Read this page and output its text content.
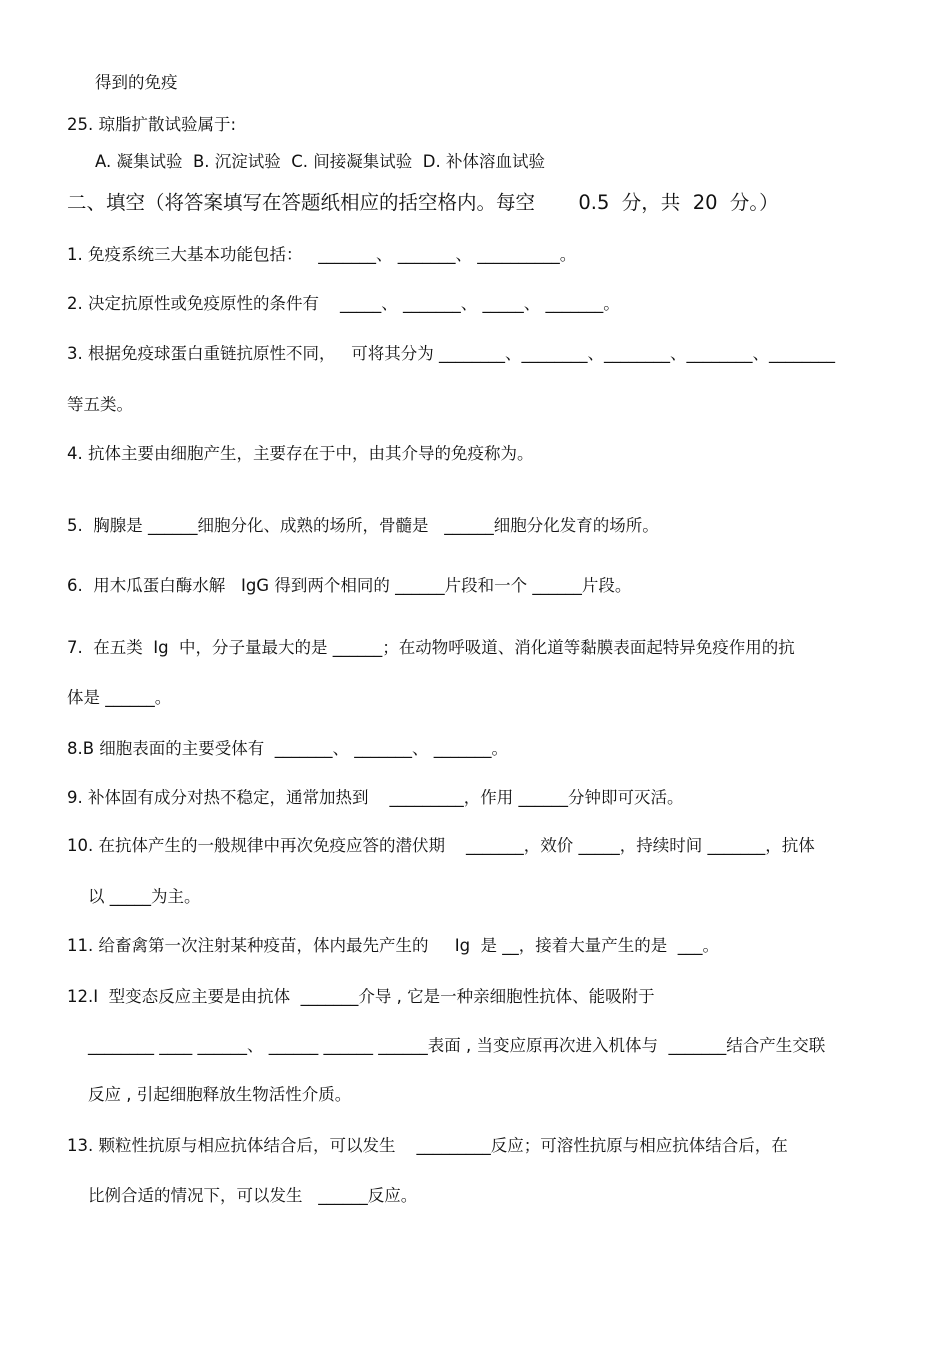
得到的免疫
25. 琼脂扩散试验属于:
A. 凝集试验  B. 沉淀试验  C. 间接凝集试验  D. 补体溶血试验
二、填空（将答案填写在答题纸相应的括空格内。每空       0.5  分，共  20  分。）
1. 免疫系统三大基本功能包括：   _______、 _______、 __________。
2. 决定抗原性或免疫原性的条件有    _____、 _______、 _____、 _______。
3. 根据免疫球蛋白重链抗原性不同，   可将其分为 ________、________、________、________、________
等五类。
4. 抗体主要由细胞产生，主要存在于中，由其介导的免疫称为。
5.  胸腺是 ______细胞分化、成熟的场所，骨髓是   ______细胞分化发育的场所。
6.  用木瓜蛋白酶水解   IgG 得到两个相同的 ______片段和一个 ______片段。
7.  在五类  Ig  中，分子量最大的是 ______；在动物呼吸道、消化道等黏膜表面起特异免疫作用的抗
体是 ______。
8.B 细胞表面的主要受体有  _______、 _______、 _______。
9. 补体固有成分对热不稳定，通常加热到    _________，作用 ______分钟即可灭活。
10. 在抗体产生的一般规律中再次免疫应答的潜伏期    _______，效价 _____，持续时间 _______，抗体
以 _____为主。
11. 给畜禽第一次注射某种疫苗，体内最先产生的     Ig  是 __，接着大量产生的是  ___。
12.I  型变态反应主要是由抗体  _______介导 , 它是一种亲细胞性抗体、能吸附于
________ ____ ______、 ______ ______ ______表面 , 当变应原再次进入机体与  _______结合产生交联
反应 , 引起细胞释放生物活性介质。
13. 颗粒性抗原与相应抗体结合后，可以发生    _________反应；可溶性抗原与相应抗体结合后，在
比例合适的情况下，可以发生   ______反应。
